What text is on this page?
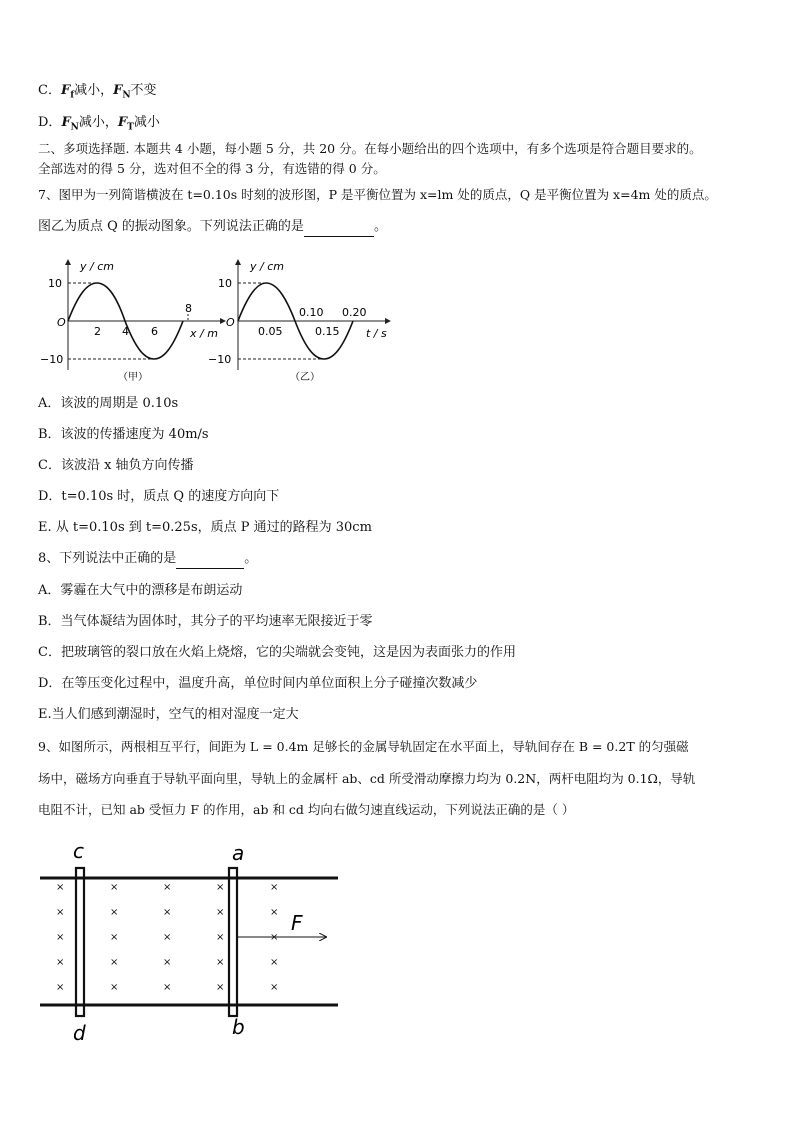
C．$F_f$减小，$F_N$不变
D．$F_N$减小，$F_T$减小
二、多项选择题. 本题共 4 小题，每小题 5 分，共 20 分。在每小题给出的四个选项中，有多个选项是符合题目要求的。
全部选对的得 5 分，选对但不全的得 3 分，有选错的得 0 分。
7、图甲为一列简谐横波在 t=0.10s 时刻的波形图，P 是平衡位置为 x=lm 处的质点，Q 是平衡位置为 x=4m 处的质点。
图乙为质点 Q 的振动图象。下列说法正确的是	。
y / cm
x / m
10
−10
O
2 4 6
8
（甲）
y / cm
t / s
10
−10
O
0.05
0.10
0.15
0.20
（乙）
A．该波的周期是 0.10s
B．该波的传播速度为 40m/s
C．该波沿 x 轴负方向传播
D．t=0.10s 时，质点 Q 的速度方向向下
E. 从 t=0.10s 到 t=0.25s，质点 P 通过的路程为 30cm
8、下列说法中正确的是	。
A．雾霾在大气中的漂移是布朗运动
B．当气体凝结为固体时，其分子的平均速率无限接近于零
C．把玻璃管的裂口放在火焰上烧熔，它的尖端就会变钝，这是因为表面张力的作用
D．在等压变化过程中，温度升高，单位时间内单位面积上分子碰撞次数减少
E.当人们感到潮湿时，空气的相对湿度一定大
9、如图所示，两根相互平行，间距为 L = 0.4m 足够长的金属导轨固定在水平面上，导轨间存在 B = 0.2T 的匀强磁
场中，磁场方向垂直于导轨平面向里，导轨上的金属杆 ab、cd 所受滑动摩擦力均为 0.2N，两杆电阻均为 0.1Ω，导轨
电阻不计，已知 ab 受恒力 F 的作用，ab 和 cd 均向右做匀速直线运动，下列说法正确的是（ ）
×
×
×
×
×
×
×
×
×
×
×
×
×
×
×
×
×
×
×
×
×
×
×
×
×
F
c
d
a
b
